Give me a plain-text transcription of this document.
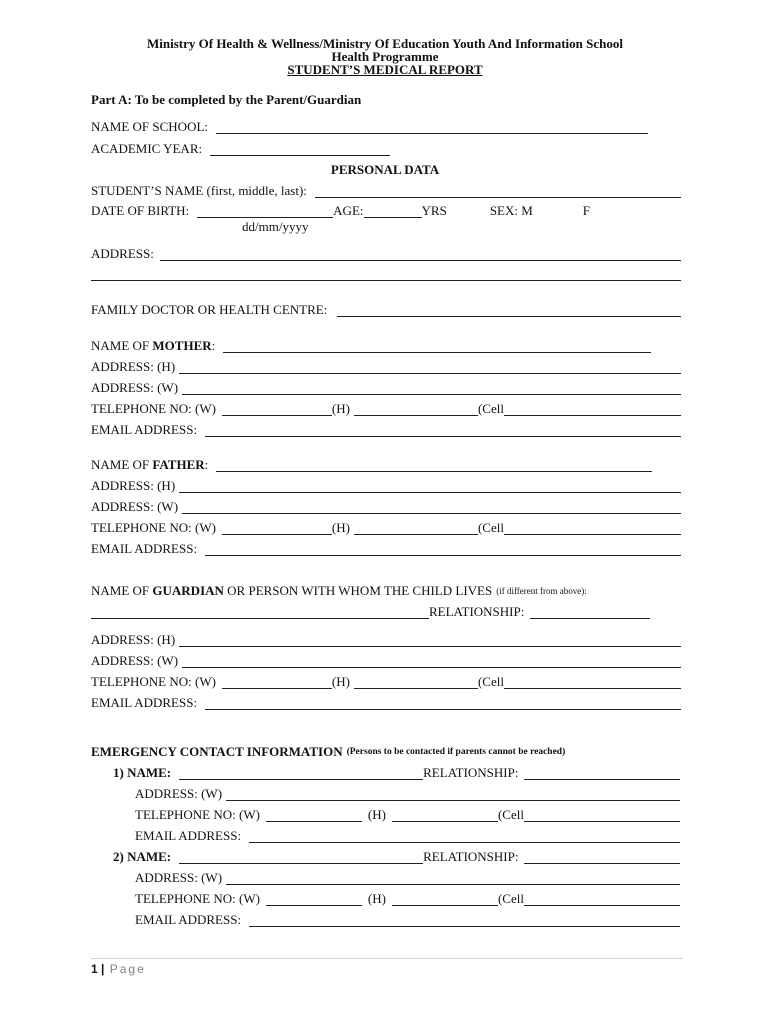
Ministry Of Health & Wellness/Ministry Of Education Youth And Information School
Health Programme
STUDENT’S MEDICAL REPORT
Part A: To be completed by the Parent/Guardian
NAME OF SCHOOL:
ACADEMIC YEAR:
PERSONAL DATA
STUDENT’S NAME (first, middle, last):
DATE OF BIRTH:	AGE:	YRS	SEX: M	F
dd/mm/yyyy
ADDRESS:
FAMILY DOCTOR OR HEALTH CENTRE:
NAME OF
MOTHER :
ADDRESS: (H)
ADDRESS: (W)
TELEPHONE NO: (W)	(H)	(Cell
EMAIL ADDRESS:
NAME OF
FATHER :
ADDRESS: (H)
ADDRESS: (W)
TELEPHONE NO: (W)	(H)	(Cell
EMAIL ADDRESS:
NAME OF
GUARDIAN
OR PERSON WITH WHOM THE CHILD LIVES (if different from above):
RELATIONSHIP:
ADDRESS: (H)
ADDRESS: (W)
TELEPHONE NO: (W)	(H)	(Cell
EMAIL ADDRESS:
EMERGENCY CONTACT INFORMATION (Persons to be contacted if parents cannot be reached)
1) NAME:	RELATIONSHIP:
ADDRESS: (W)
TELEPHONE NO: (W)	(H)	(Cell
EMAIL ADDRESS:
2) NAME:	RELATIONSHIP:
ADDRESS: (W)
TELEPHONE NO: (W)	(H)	(Cell
EMAIL ADDRESS:
1 | Page
